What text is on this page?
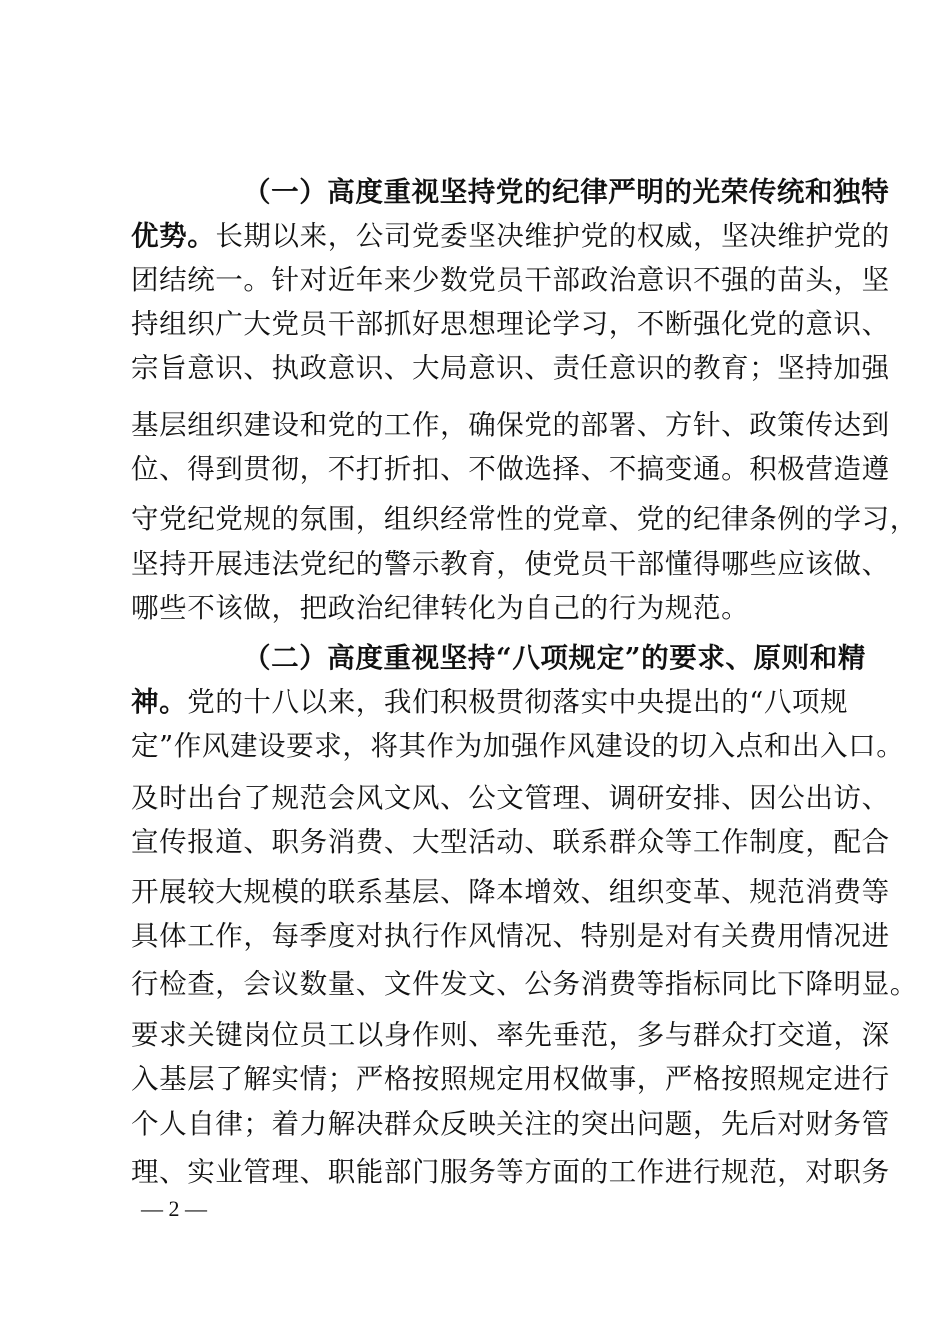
（一）高度重视坚持党的纪律严明的光荣传统和独特
优势。长期以来，公司党委坚决维护党的权威，坚决维护党的
团结统一。针对近年来少数党员干部政治意识不强的苗头，坚
持组织广大党员干部抓好思想理论学习，不断强化党的意识、
宗旨意识、执政意识、大局意识、责任意识的教育；坚持加强
基层组织建设和党的工作，确保党的部署、方针、政策传达到
位、得到贯彻，不打折扣、不做选择、不搞变通。积极营造遵
守党纪党规的氛围，组织经常性的党章、党的纪律条例的学习，
坚持开展违法党纪的警示教育，使党员干部懂得哪些应该做、
哪些不该做，把政治纪律转化为自己的行为规范。
（二）高度重视坚持“八项规定”的要求、原则和精
神。党的十八以来，我们积极贯彻落实中央提出的“八项规
定”作风建设要求，将其作为加强作风建设的切入点和出入口。
及时出台了规范会风文风、公文管理、调研安排、因公出访、
宣传报道、职务消费、大型活动、联系群众等工作制度，配合
开展较大规模的联系基层、降本增效、组织变革、规范消费等
具体工作，每季度对执行作风情况、特别是对有关费用情况进
行检查，会议数量、文件发文、公务消费等指标同比下降明显。
要求关键岗位员工以身作则、率先垂范，多与群众打交道，深
入基层了解实情；严格按照规定用权做事，严格按照规定进行
个人自律；着力解决群众反映关注的突出问题，先后对财务管
理、实业管理、职能部门服务等方面的工作进行规范，对职务
— 2 —
